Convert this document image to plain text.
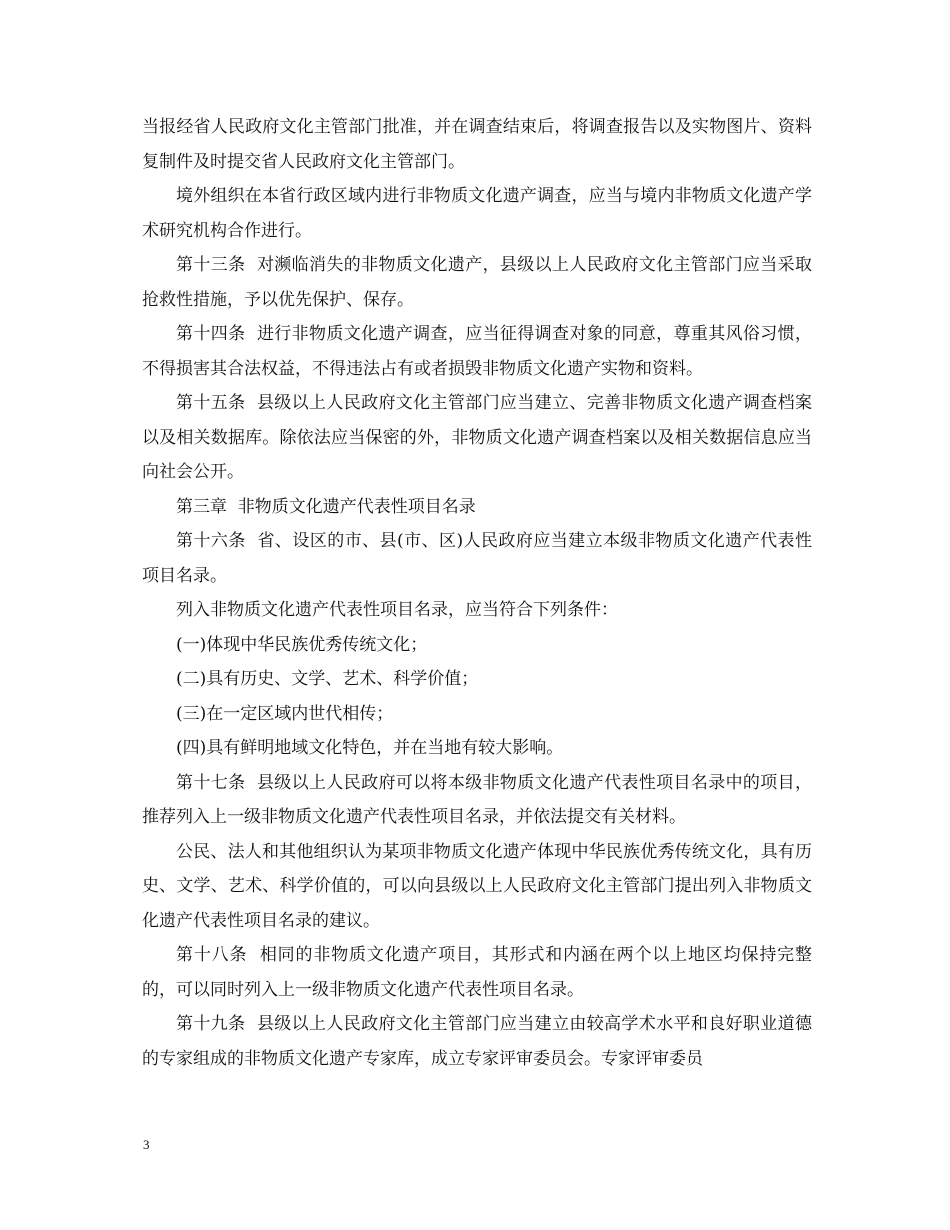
当报经省人民政府文化主管部门批准，并在调查结束后，将调查报告以及实物图片、资料复制件及时提交省人民政府文化主管部门。

境外组织在本省行政区域内进行非物质文化遗产调查，应当与境内非物质文化遗产学术研究机构合作进行。

第十三条  对濒临消失的非物质文化遗产，县级以上人民政府文化主管部门应当采取抢救性措施，予以优先保护、保存。

第十四条  进行非物质文化遗产调查，应当征得调查对象的同意，尊重其风俗习惯，不得损害其合法权益，不得违法占有或者损毁非物质文化遗产实物和资料。

第十五条  县级以上人民政府文化主管部门应当建立、完善非物质文化遗产调查档案以及相关数据库。除依法应当保密的外，非物质文化遗产调查档案以及相关数据信息应当向社会公开。

第三章  非物质文化遗产代表性项目名录

第十六条  省、设区的市、县(市、区)人民政府应当建立本级非物质文化遗产代表性项目名录。

列入非物质文化遗产代表性项目名录，应当符合下列条件：

(一)体现中华民族优秀传统文化；

(二)具有历史、文学、艺术、科学价值；

(三)在一定区域内世代相传；

(四)具有鲜明地域文化特色，并在当地有较大影响。

第十七条  县级以上人民政府可以将本级非物质文化遗产代表性项目名录中的项目，推荐列入上一级非物质文化遗产代表性项目名录，并依法提交有关材料。

公民、法人和其他组织认为某项非物质文化遗产体现中华民族优秀传统文化，具有历史、文学、艺术、科学价值的，可以向县级以上人民政府文化主管部门提出列入非物质文化遗产代表性项目名录的建议。

第十八条  相同的非物质文化遗产项目，其形式和内涵在两个以上地区均保持完整的，可以同时列入上一级非物质文化遗产代表性项目名录。

第十九条  县级以上人民政府文化主管部门应当建立由较高学术水平和良好职业道德的专家组成的非物质文化遗产专家库，成立专家评审委员会。专家评审委员

3
